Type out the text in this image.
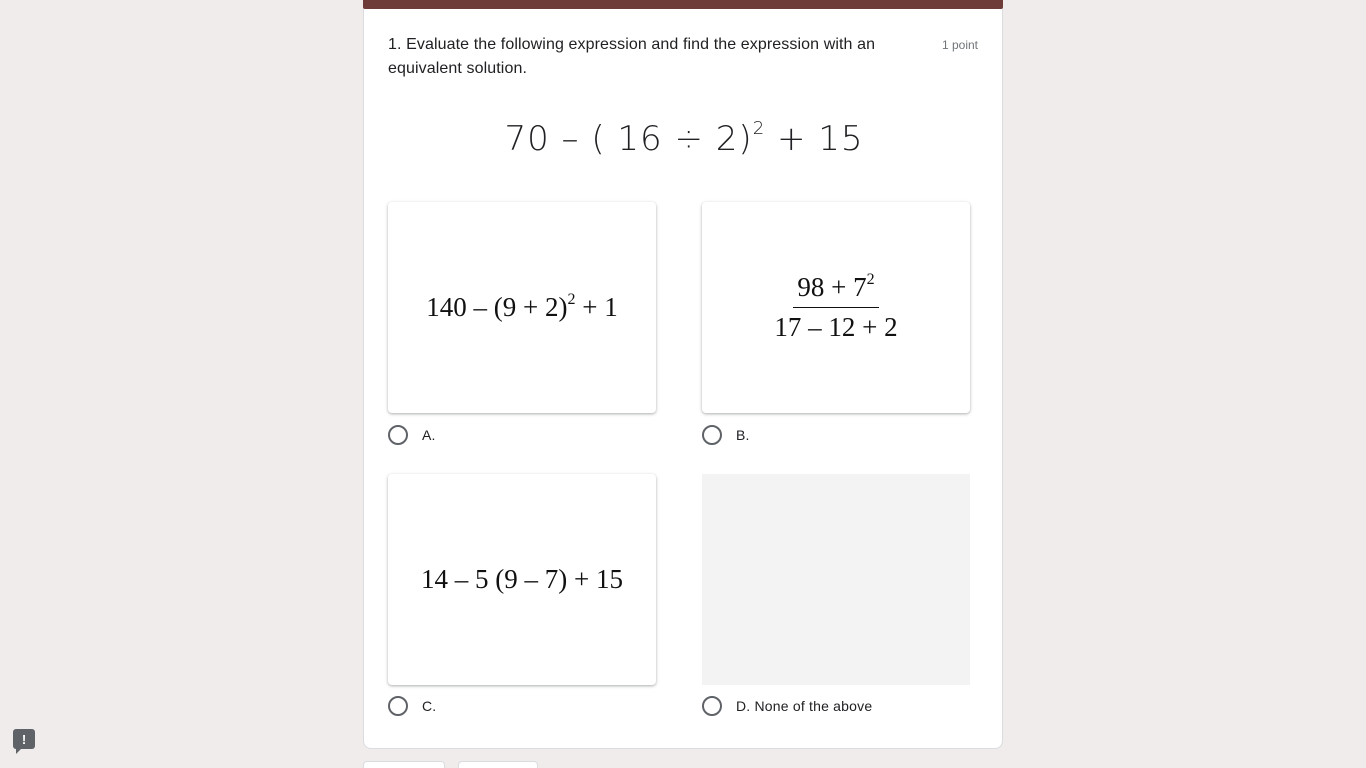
1. Evaluate the following expression and find the expression with an equivalent solution.
1 point
70 – ( 16 ÷ 2)$^2$ + 15
$140 - (9 + 2)^2 + 1$
A.
$\frac{98 + 7^2}{17 - 12 + 2}$
B.
14 – 5 (9 – 7) + 15
C.	D. None of the above
!
